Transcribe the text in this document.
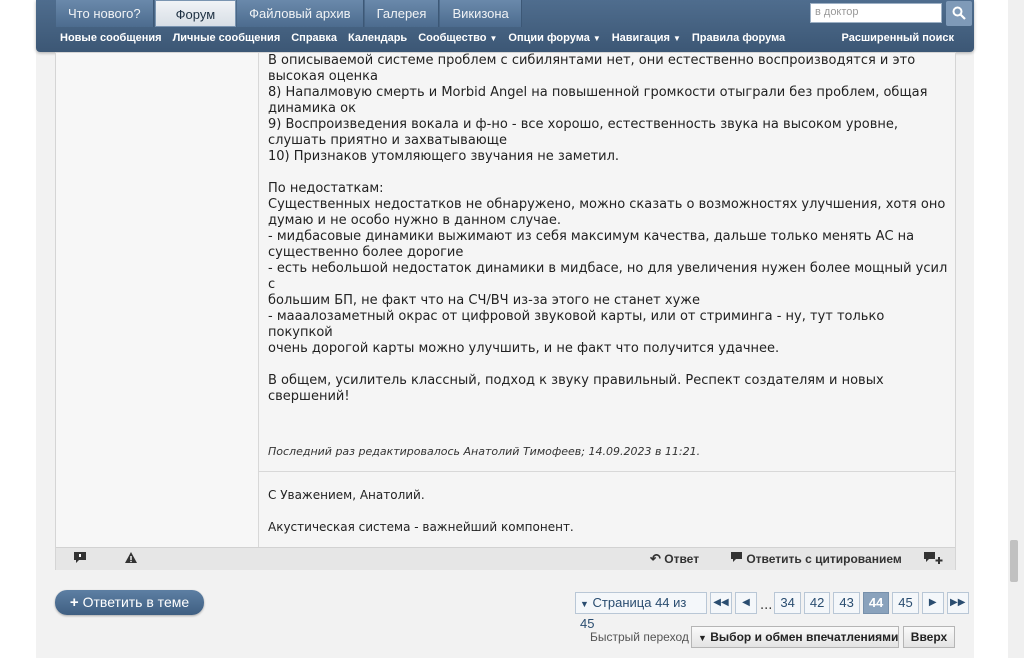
Что нового?	Форум	Файловый архив	Галерея	Викизона	в доктор
Новые сообщения Личные сообщения Справка Календарь Сообщество ▼ Опции форума ▼ Навигация ▼ Правила форума	Расширенный поиск

В описываемой системе проблем с сибилянтами нет, они естественно воспроизводятся и это

высокая оценка

8) Напалмовую смерть и Morbid Angel на повышенной громкости отыграли без проблем, общая

динамика ок

9) Воспроизведения вокала и ф-но - все хорошо, естественность звука на высоком уровне,

слушать приятно и захватывающе

10) Признаков утомляющего звучания не заметил.

По недостаткам:

Существенных недостатков не обнаружено, можно сказать о возможностях улучшения, хотя оно

думаю и не особо нужно в данном случае.

- мидбасовые динамики выжимают из себя максимум качества, дальше только менять АС на

существенно более дорогие

- есть небольшой недостаток динамики в мидбасе, но для увеличения нужен более мощный усил с

большим БП, не факт что на СЧ/ВЧ из-за этого не станет хуже

- мааалозаметный окрас от цифровой звуковой карты, или от стриминга - ну, тут только покупкой

очень дорогой карты можно улучшить, и не факт что получится удачнее.

В общем, усилитель классный, подход к звуку правильный. Респект создателям и новых

свершений!

Последний раз редактировалось Анатолий Тимофеев; 14.09.2023 в 11:21.

С Уважением, Анатолий.

Акустическая система - важнейший компонент.

↶ Ответ	Ответить с цитированием
+ Ответить в теме	▼ Страница 44 из 45
◀◀	◀ ... 34	42	43	44	45	▶	▶▶
Быстрый переход	▼ Выбор и обмен впечатлениями	Вверх
